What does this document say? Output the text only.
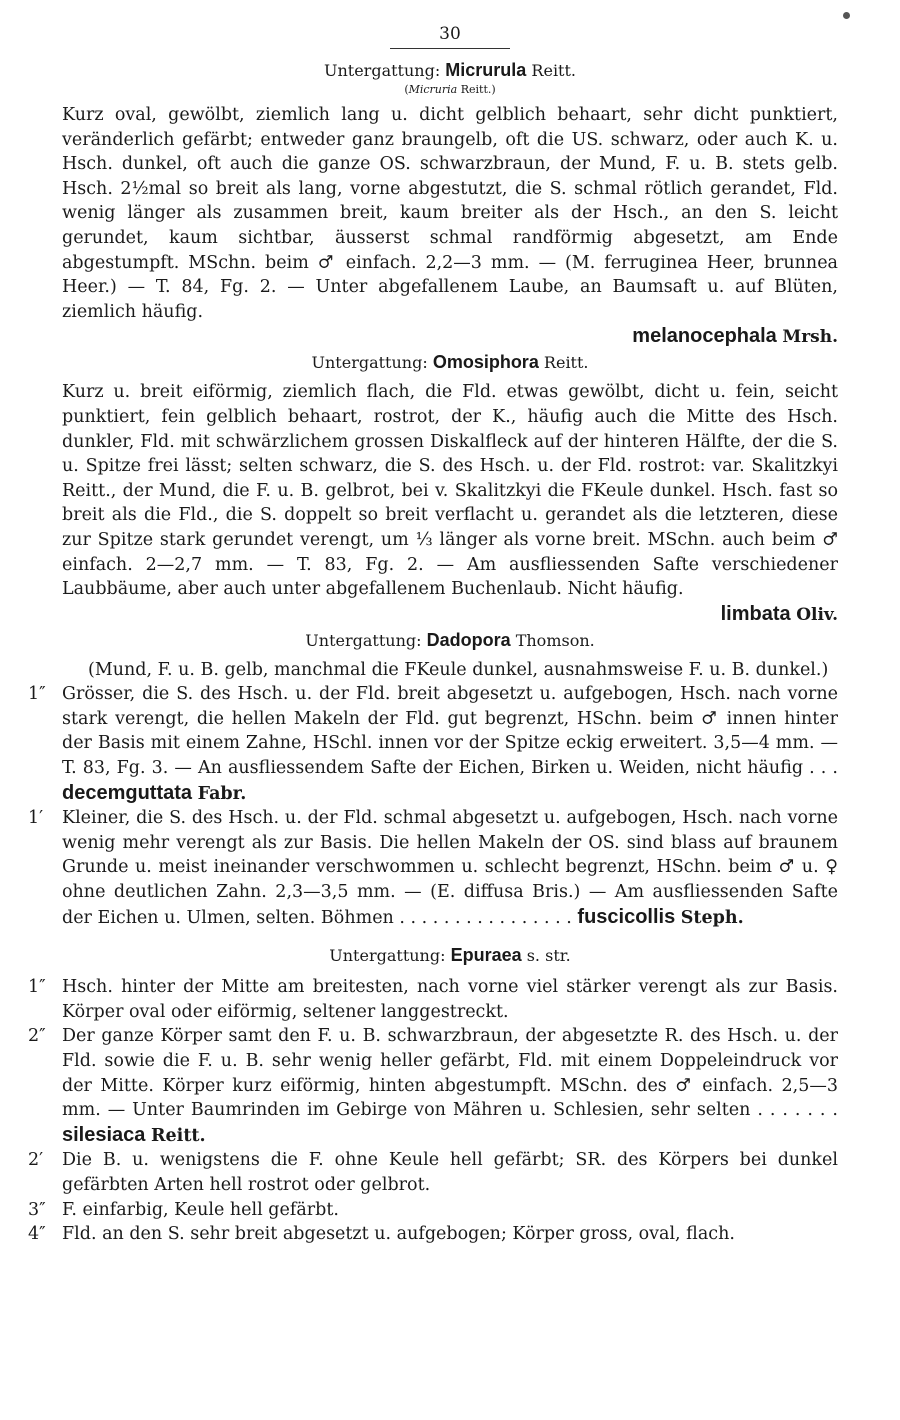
30
Untergattung: Micrurula Reitt.
(Micruria Reitt.)

Kurz oval, gewölbt, ziemlich lang u. dicht gelblich behaart, sehr dicht punktiert, veränderlich gefärbt; entweder ganz braungelb, oft die US. schwarz, oder auch K. u. Hsch. dunkel, oft auch die ganze OS. schwarzbraun, der Mund, F. u. B. stets gelb. Hsch. 2½mal so breit als lang, vorne abgestutzt, die S. schmal rötlich gerandet, Fld. wenig länger als zusammen breit, kaum breiter als der Hsch., an den S. leicht gerundet, kaum sichtbar, äusserst schmal randförmig abgesetzt, am Ende abgestumpft. MSchn. beim ♂ einfach. 2,2—3 mm. — (M. ferruginea Heer, brunnea Heer.) — T. 84, Fg. 2. — Unter abgefallenem Laube, an Baumsaft u. auf Blüten, ziemlich häufig.

melanocephala Mrsh.
Untergattung: Omosiphora Reitt.

Kurz u. breit eiförmig, ziemlich flach, die Fld. etwas gewölbt, dicht u. fein, seicht punktiert, fein gelblich behaart, rostrot, der K., häufig auch die Mitte des Hsch. dunkler, Fld. mit schwärzlichem grossen Diskalfleck auf der hinteren Hälfte, der die S. u. Spitze frei lässt; selten schwarz, die S. des Hsch. u. der Fld. rostrot: var. Skalitzkyi Reitt., der Mund, die F. u. B. gelbrot, bei v. Skalitzkyi die FKeule dunkel. Hsch. fast so breit als die Fld., die S. doppelt so breit verflacht u. gerandet als die letzteren, diese zur Spitze stark gerundet verengt, um ⅓ länger als vorne breit. MSchn. auch beim ♂ einfach. 2—2,7 mm. — T. 83, Fg. 2. — Am ausfliessenden Safte verschiedener Laubbäume, aber auch unter abgefallenem Buchenlaub. Nicht häufig.

limbata Oliv.
Untergattung: Dadopora Thomson.

(Mund, F. u. B. gelb, manchmal die FKeule dunkel, ausnahmsweise F. u. B. dunkel.)

1″ Grösser, die S. des Hsch. u. der Fld. breit abgesetzt u. aufgebogen, Hsch. nach vorne stark verengt, die hellen Makeln der Fld. gut begrenzt, HSchn. beim ♂ innen hinter der Basis mit einem Zahne, HSchl. innen vor der Spitze eckig erweitert. 3,5—4 mm. — T. 83, Fg. 3. — An ausfliessendem Safte der Eichen, Birken u. Weiden, nicht häufig . . . decemguttata Fabr.

1′ Kleiner, die S. des Hsch. u. der Fld. schmal abgesetzt u. aufgebogen, Hsch. nach vorne wenig mehr verengt als zur Basis. Die hellen Makeln der OS. sind blass auf braunem Grunde u. meist ineinander verschwommen u. schlecht begrenzt, HSchn. beim ♂ u. ♀ ohne deutlichen Zahn. 2,3—3,5 mm. — (E. diffusa Bris.) — Am ausfliessenden Safte der Eichen u. Ulmen, selten. Böhmen . . . . . . . . . . . . . . . . fuscicollis Steph.

Untergattung: Epuraea s. str.
1″ Hsch. hinter der Mitte am breitesten, nach vorne viel stärker verengt als zur Basis. Körper oval oder eiförmig, seltener langgestreckt.

2″ Der ganze Körper samt den F. u. B. schwarzbraun, der abgesetzte R. des Hsch. u. der Fld. sowie die F. u. B. sehr wenig heller gefärbt, Fld. mit einem Doppeleindruck vor der Mitte. Körper kurz eiförmig, hinten abgestumpft. MSchn. des ♂ einfach. 2,5—3 mm. — Unter Baumrinden im Gebirge von Mähren u. Schlesien, sehr selten . . . . . . . silesiaca Reitt.

2′ Die B. u. wenigstens die F. ohne Keule hell gefärbt; SR. des Körpers bei dunkel gefärbten Arten hell rostrot oder gelbrot.

3″ F. einfarbig, Keule hell gefärbt.

4″ Fld. an den S. sehr breit abgesetzt u. aufgebogen; Körper gross, oval, flach.
